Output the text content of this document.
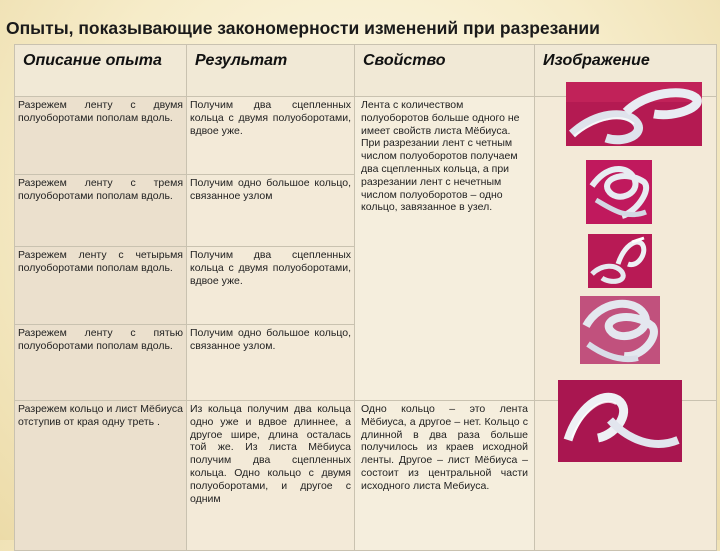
Опыты, показывающие закономерности изменений при разрезании
Описание опыта	Результат	Свойство	Изображение

Разрежем ленту с двумя полуоборотами пополам вдоль.	Получим два сцепленных кольца с двумя полуоборотами, вдвое уже.	Лента с количеством полуоборотов больше одного не имеет свойств листа Мёбиуса. При разрезании лент с четным числом полуоборотов получаем два сцепленных кольца, а при разрезании лент с нечетным числом полуоборотов – одно кольцо, завязанное в узел.	

Разрежем ленту с тремя полуоборотами пополам вдоль.	Получим одно большое кольцо, связанное узлом		

Разрежем ленту с четырьмя полуоборотами пополам вдоль.	Получим два сцепленных кольца с двумя полуоборотами, вдвое уже.		

Разрежем ленту с пятью полуоборотами пополам вдоль.	Получим одно большое кольцо, связанное узлом.		

Разрежем кольцо и лист Мёбиуса отступив от края одну треть .	Из кольца получим два кольца одно уже и вдвое длиннее, а другое шире, длина осталась той же. Из листа Мёбиуса получим два сцепленных кольца. Одно кольцо с двумя полуоборотами, и другое с одним	Одно кольцо – это лента Мёбиуса, а другое – нет. Кольцо с длинной в два раза больше получилось из краев исходной ленты. Другое – лист Мёбиуса – состоит из центральной части исходного листа Мебиуса.	
